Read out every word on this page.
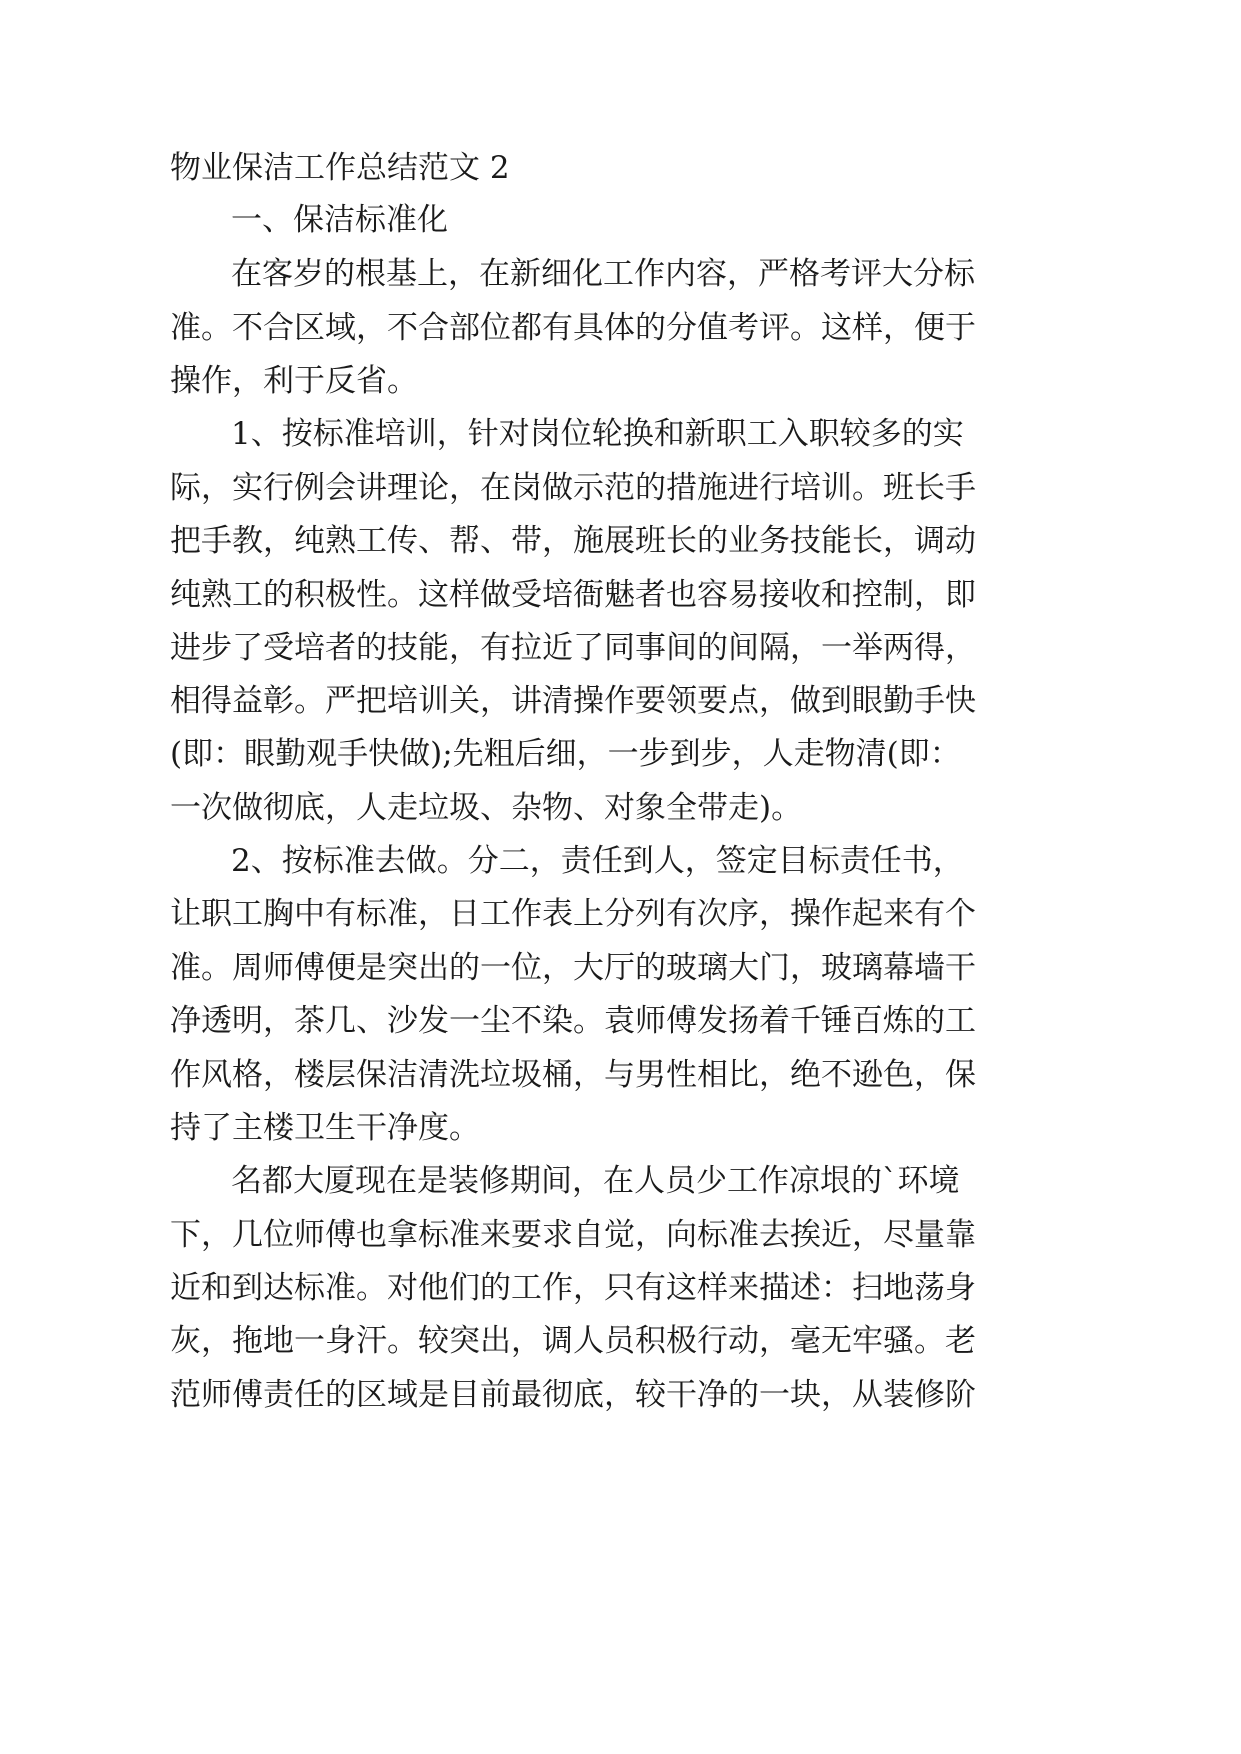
物业保洁工作总结范文 2

一、保洁标准化

在客岁的根基上，在新细化工作内容，严格考评大分标

准。不合区域，不合部位都有具体的分值考评。这样，便于

操作，利于反省。

1、按标准培训，针对岗位轮换和新职工入职较多的实

际，实行例会讲理论，在岗做示范的措施进行培训。班长手

把手教，纯熟工传、帮、带，施展班长的业务技能长，调动

纯熟工的积极性。这样做受培衙魅者也容易接收和控制，即

进步了受培者的技能，有拉近了同事间的间隔，一举两得，

相得益彰。严把培训关，讲清操作要领要点，做到眼勤手快

(即：眼勤观手快做);先粗后细，一步到步，人走物清(即：

一次做彻底，人走垃圾、杂物、对象全带走)。

2、按标准去做。分二，责任到人，签定目标责任书，

让职工胸中有标准，日工作表上分列有次序，操作起来有个

准。周师傅便是突出的一位，大厅的玻璃大门，玻璃幕墙干

净透明，茶几、沙发一尘不染。袁师傅发扬着千锤百炼的工

作风格，楼层保洁清洗垃圾桶，与男性相比，绝不逊色，保

持了主楼卫生干净度。

名都大厦现在是装修期间，在人员少工作凉垠的`环境

下，几位师傅也拿标准来要求自觉，向标准去挨近，尽量靠

近和到达标准。对他们的工作，只有这样来描述：扫地荡身

灰，拖地一身汗。较突出，调人员积极行动，毫无牢骚。老

范师傅责任的区域是目前最彻底，较干净的一块，从装修阶
